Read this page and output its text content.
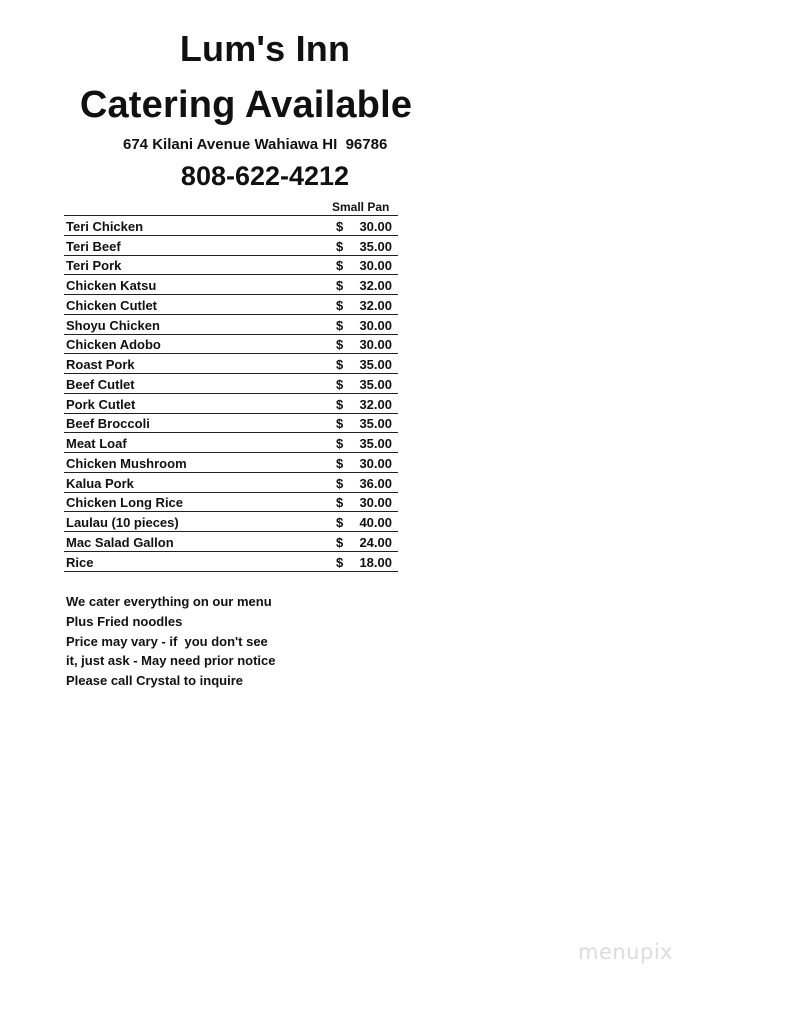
Lum's Inn
Catering Available
674 Kilani Avenue Wahiawa HI  96786
808-622-4212
Small Pan
Teri Chicken	$	30.00
Teri Beef	$	35.00
Teri Pork	$	30.00
Chicken Katsu	$	32.00
Chicken Cutlet	$	32.00
Shoyu Chicken	$	30.00
Chicken Adobo	$	30.00
Roast Pork	$	35.00
Beef Cutlet	$	35.00
Pork Cutlet	$	32.00
Beef Broccoli	$	35.00
Meat Loaf	$	35.00
Chicken Mushroom	$	30.00
Kalua Pork	$	36.00
Chicken Long Rice	$	30.00
Laulau (10 pieces)	$	40.00
Mac Salad Gallon	$	24.00
Rice	$	18.00
We cater everything on our menu
Plus Fried noodles
Price may vary - if  you don't see
it, just ask - May need prior notice
Please call Crystal to inquire
menupix
